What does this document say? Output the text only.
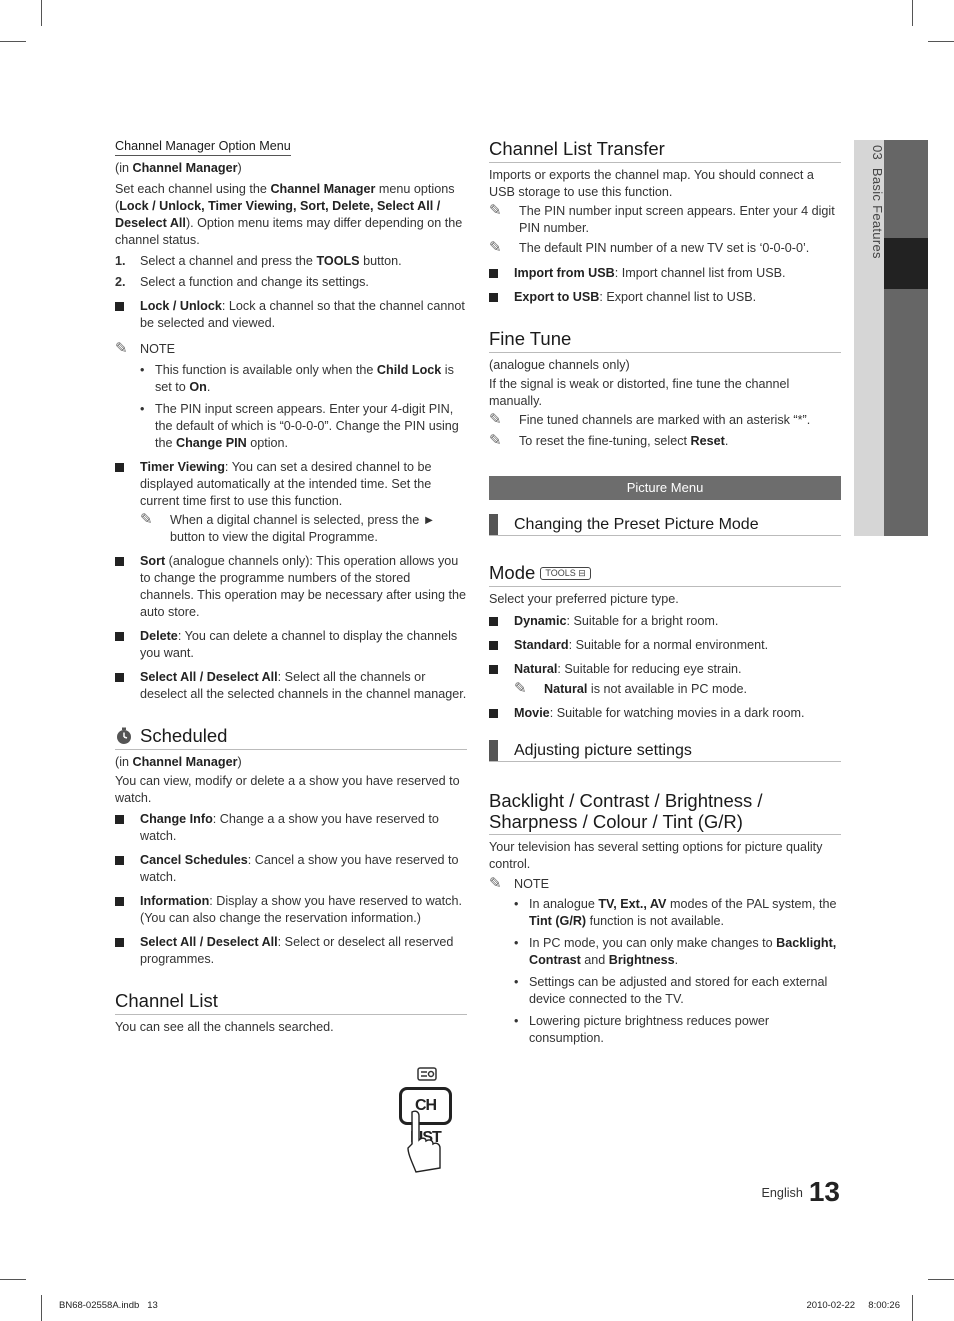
03  Basic Features
Channel Manager Option Menu
(in Channel Manager)
Set each channel using the Channel Manager menu options (Lock / Unlock, Timer Viewing, Sort, Delete, Select All / Deselect All). Option menu items may differ depending on the channel status.
1. Select a channel and press the TOOLS button.
2. Select a function and change its settings.
Lock / Unlock: Lock a channel so that the channel cannot be selected and viewed.
✎ NOTE
• This function is available only when the Child Lock is set to On.
• The PIN input screen appears. Enter your 4-digit PIN, the default of which is “0-0-0-0”. Change the PIN using the Change PIN option.
Timer Viewing: You can set a desired channel to be displayed automatically at the intended time. Set the current time first to use this function.
✎ When a digital channel is selected, press the ► button to view the digital Programme.
Sort (analogue channels only): This operation allows you to change the programme numbers of the stored channels. This operation may be necessary after using the auto store.
Delete: You can delete a channel to display the channels you want.
Select All / Deselect All: Select all the channels or deselect all the selected channels in the channel manager.
Scheduled
(in Channel Manager)
You can view, modify or delete a a show you have reserved to watch.
Change Info: Change a a show you have reserved to watch.
Cancel Schedules: Cancel a show you have reserved to watch.
Information: Display a show you have reserved to watch. (You can also change the reservation information.)
Select All / Deselect All: Select or deselect all reserved programmes.
Channel List
You can see all the channels searched.
CH LIST
Channel List Transfer
Imports or exports the channel map. You should connect a USB storage to use this function.
✎ The PIN number input screen appears. Enter your 4 digit PIN number.
✎ The default PIN number of a new TV set is ‘0-0-0-0’.
Import from USB: Import channel list from USB.
Export to USB: Export channel list to USB.
Fine Tune
(analogue channels only)
If the signal is weak or distorted, fine tune the channel manually.
✎ Fine tuned channels are marked with an asterisk “*”.
✎ To reset the fine-tuning, select Reset.
Picture Menu
Changing the Preset Picture Mode
Mode TOOLS ⊟
Select your preferred picture type.
Dynamic: Suitable for a bright room.
Standard: Suitable for a normal environment.
Natural: Suitable for reducing eye strain.
✎ Natural is not available in PC mode.
Movie: Suitable for watching movies in a dark room.
Adjusting picture settings
Backlight / Contrast / Brightness / Sharpness / Colour / Tint (G/R)
Your television has several setting options for picture quality control.
✎ NOTE
• In analogue TV, Ext., AV modes of the PAL system, the Tint (G/R) function is not available.
• In PC mode, you can only make changes to Backlight, Contrast and Brightness.
• Settings can be adjusted and stored for each external device connected to the TV.
• Lowering picture brightness reduces power consumption.
$^{English}$ 13
BN68-02558A.indb   13	2010-02-22     8:00:26
